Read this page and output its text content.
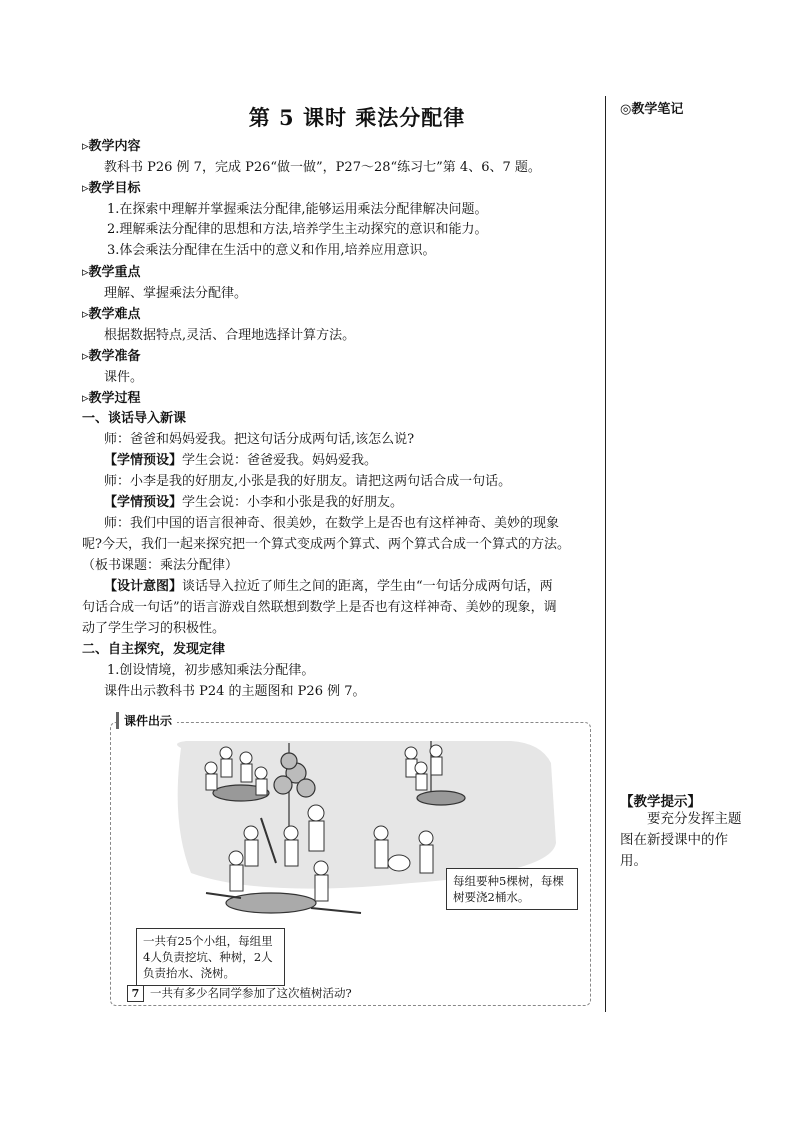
第 5 课时 乘法分配律	◎教学笔记
▹教学内容
教科书 P26 例 7，完成 P26“做一做”，P27～28“练习七”第 4、6、7 题。
▹教学目标
1.在探索中理解并掌握乘法分配律,能够运用乘法分配律解决问题。
2.理解乘法分配律的思想和方法,培养学生主动探究的意识和能力。
3.体会乘法分配律在生活中的意义和作用,培养应用意识。
▹教学重点
理解、掌握乘法分配律。
▹教学难点
根据数据特点,灵活、合理地选择计算方法。
▹教学准备
课件。
▹教学过程
一、谈话导入新课
师：爸爸和妈妈爱我。把这句话分成两句话,该怎么说?
【学情预设】学生会说：爸爸爱我。妈妈爱我。
师：小李是我的好朋友,小张是我的好朋友。请把这两句话合成一句话。
【学情预设】学生会说：小李和小张是我的好朋友。
师：我们中国的语言很神奇、很美妙，在数学上是否也有这样神奇、美妙的现象
呢?今天，我们一起来探究把一个算式变成两个算式、两个算式合成一个算式的方法。
（板书课题：乘法分配律）
【设计意图】谈话导入拉近了师生之间的距离，学生由“一句话分成两句话，两
句话合成一句话”的语言游戏自然联想到数学上是否也有这样神奇、美妙的现象，调
动了学生学习的积极性。
二、自主探究，发现定律
1.创设情境，初步感知乘法分配律。
课件出示教科书 P24 的主题图和 P26 例 7。
课件出示
每组要种5棵树，每棵树要浇2桶水。
一共有25个小组，每组里4人负责挖坑、种树，2人负责抬水、浇树。
7 一共有多少名同学参加了这次植树活动?
【教学提示】
要充分发挥主题图在新授课中的作用。
